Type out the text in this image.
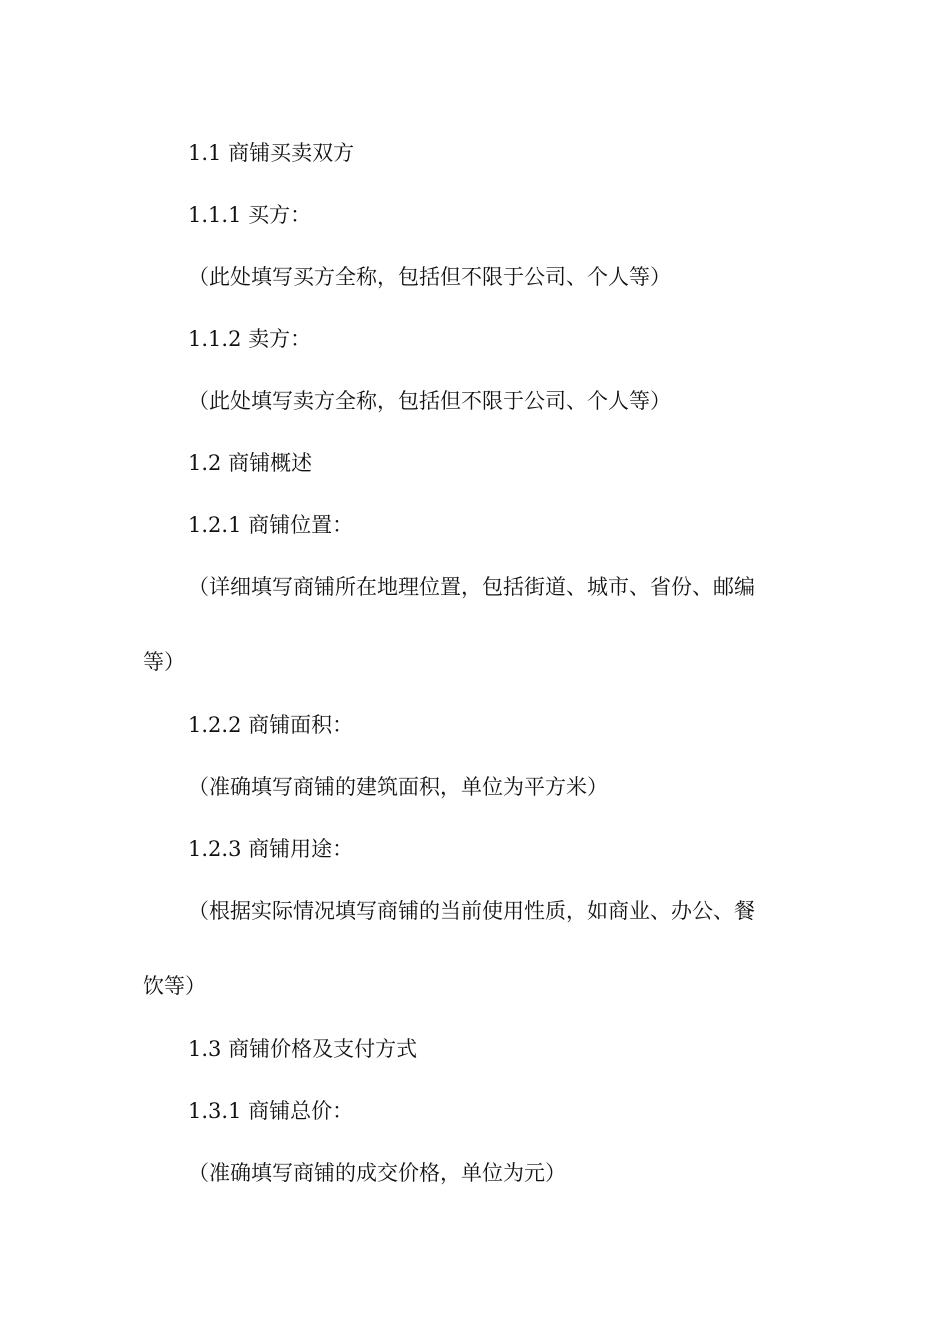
1.1 商铺买卖双方
1.1.1 买方：
（此处填写买方全称，包括但不限于公司、个人等）
1.1.2 卖方：
（此处填写卖方全称，包括但不限于公司、个人等）
1.2 商铺概述
1.2.1 商铺位置：
（详细填写商铺所在地理位置，包括街道、城市、省份、邮编
等）
1.2.2 商铺面积：
（准确填写商铺的建筑面积，单位为平方米）
1.2.3 商铺用途：
（根据实际情况填写商铺的当前使用性质，如商业、办公、餐
饮等）
1.3 商铺价格及支付方式
1.3.1 商铺总价：
（准确填写商铺的成交价格，单位为元）
